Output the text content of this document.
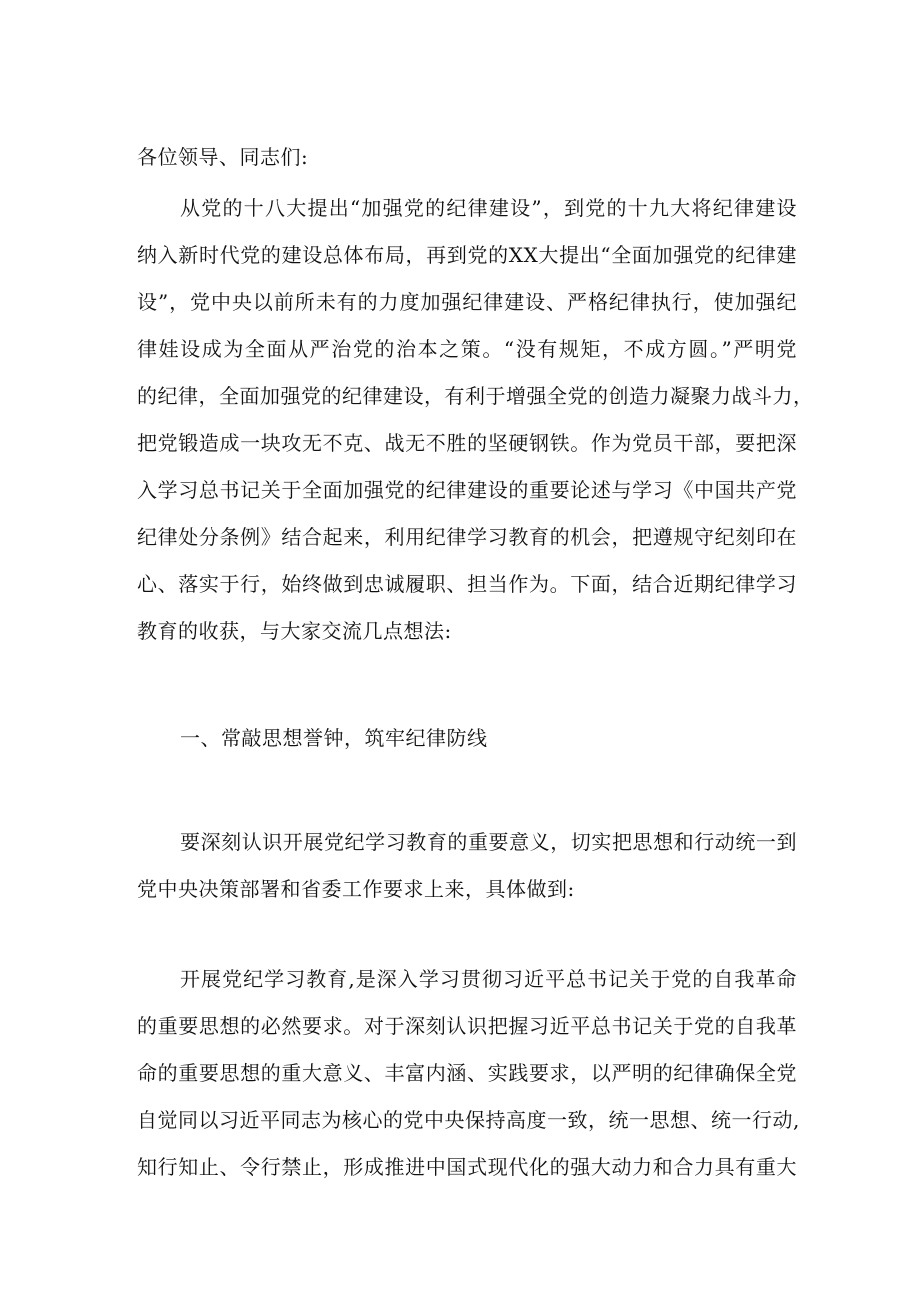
各位领导、同志们:
从党的十八大提出“加强党的纪律建设”，到党的十九大将纪律建设
纳入新时代党的建设总体布局，再到党的XX大提出“全面加强党的纪律建
设”，党中央以前所未有的力度加强纪律建设、严格纪律执行，使加强纪
律娃设成为全面从严治党的治本之策。“没有规矩，不成方圆。”严明党
的纪律，全面加强党的纪律建设，有利于增强全党的创造力凝聚力战斗力，
把党锻造成一块攻无不克、战无不胜的坚硬钢铁。作为党员干部，要把深
入学习总书记关于全面加强党的纪律建设的重要论述与学习《中国共产党
纪律处分条例》结合起来，利用纪律学习教育的机会，把遵规守纪刻印在
心、落实于行，始终做到忠诚履职、担当作为。下面，结合近期纪律学习
教育的收获，与大家交流几点想法:
一、常敲思想誉钟，筑牢纪律防线
要深刻认识开展党纪学习教育的重要意义，切实把思想和行动统一到
党中央决策部署和省委工作要求上来，具体做到:
开展党纪学习教育,是深入学习贯彻习近平总书记关于党的自我革命
的重要思想的必然要求。对于深刻认识把握习近平总书记关于党的自我革
命的重要思想的重大意义、丰富内涵、实践要求，以严明的纪律确保全党
自觉同以习近平同志为核心的党中央保持高度一致，统一思想、统一行动,
知行知止、令行禁止，形成推进中国式现代化的强大动力和合力具有重大
